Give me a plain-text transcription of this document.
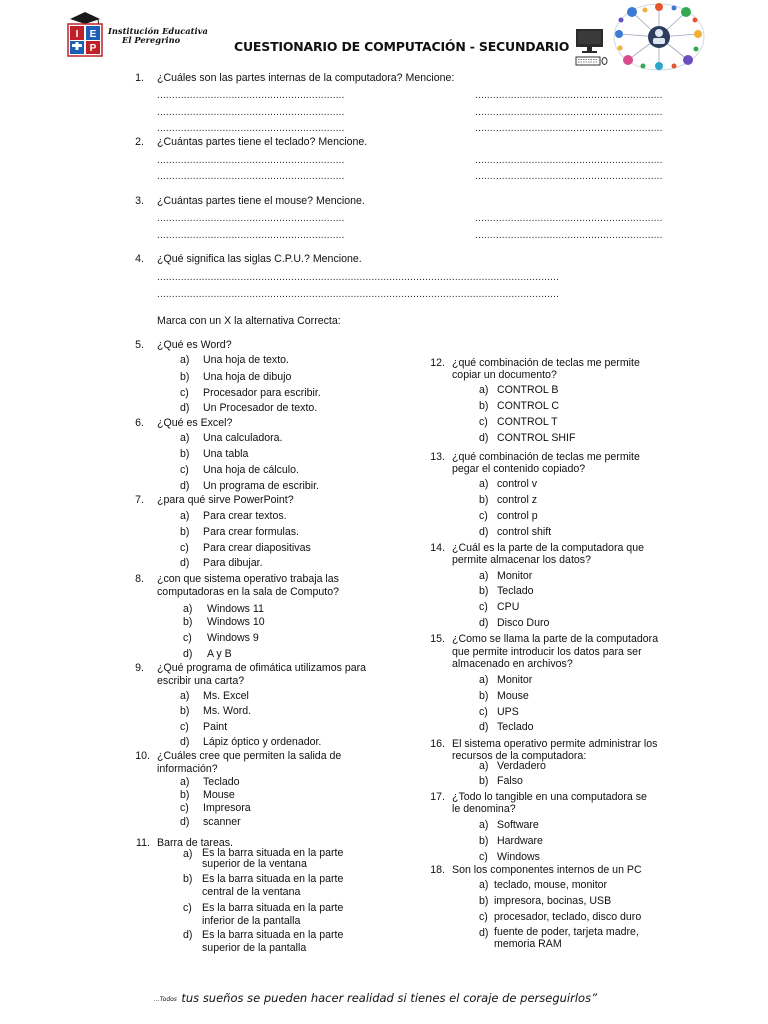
I E
P
Institución Educativa
El Peregrino	CUESTIONARIO DE COMPUTACIÓN - SECUNDARIO
1. ¿Cuáles son las partes internas de la computadora? Mencione:
...............................................................	...............................................................
...............................................................	...............................................................
...............................................................	...............................................................
2. ¿Cuántas partes tiene el teclado? Mencione.
...............................................................	...............................................................
...............................................................	...............................................................
3. ¿Cuántas partes tiene el mouse? Mencione.
...............................................................	...............................................................
...............................................................	...............................................................
4. ¿Qué significa las siglas C.P.U.? Mencione.
.......................................................................................................................................
.......................................................................................................................................
Marca con un X la alternativa Correcta:
5. ¿Qué es Word?
a) Una hoja de texto.
b) Una hoja de dibujo
c) Procesador para escribir.
d) Un Procesador de texto.
6. ¿Qué es Excel?
a) Una calculadora.
b) Una tabla
c) Una hoja de cálculo.
d) Un programa de escribir.
7. ¿para qué sirve PowerPoint?
a) Para crear textos.
b) Para crear formulas.
c) Para crear diapositivas
d) Para dibujar.
8. ¿con que sistema operativo trabaja las computadoras en la sala de Computo?
a) Windows 11
b) Windows 10
c) Windows 9
d) A y B
9. ¿Qué programa de ofimática utilizamos para escribir una carta?
a) Ms. Excel
b) Ms. Word.
c) Paint
d) Lápiz óptico y ordenador.
10. ¿Cuáles cree que permiten la salida de información?
a) Teclado
b) Mouse
c) Impresora
d) scanner
11. Barra de tareas.
a) Es la barra situada en la parte superior de la ventana
b) Es la barra situada en la parte central de la ventana
c) Es la barra situada en la parte inferior de la pantalla
d) Es la barra situada en la parte superior de la pantalla
12. ¿qué combinación de teclas me permite copiar un documento?
a) CONTROL B
b) CONTROL C
c) CONTROL T
d) CONTROL SHIF
13. ¿qué combinación de teclas me permite pegar el contenido copiado?
a) control v
b) control z
c) control p
d) control shift
14. ¿Cuál es la parte de la computadora que permite almacenar los datos?
a) Monitor
b) Teclado
c) CPU
d) Disco Duro
15. ¿Como se llama la parte de la computadora que permite introducir los datos para ser almacenado en archivos?
a) Monitor
b) Mouse
c) UPS
d) Teclado
16. El sistema operativo permite administrar los recursos de la computadora:
a) Verdadero
b) Falso
17. ¿Todo lo tangible en una computadora se le denomina?
a) Software
b) Hardware
c) Windows
18. Son los componentes internos de un PC
a) teclado, mouse, monitor
b) impresora, bocinas, USB
c) procesador, teclado, disco duro
d) fuente de poder, tarjeta madre, memoria RAM
...Todos tus sueños se pueden hacer realidad si tienes el coraje de perseguirlos”
